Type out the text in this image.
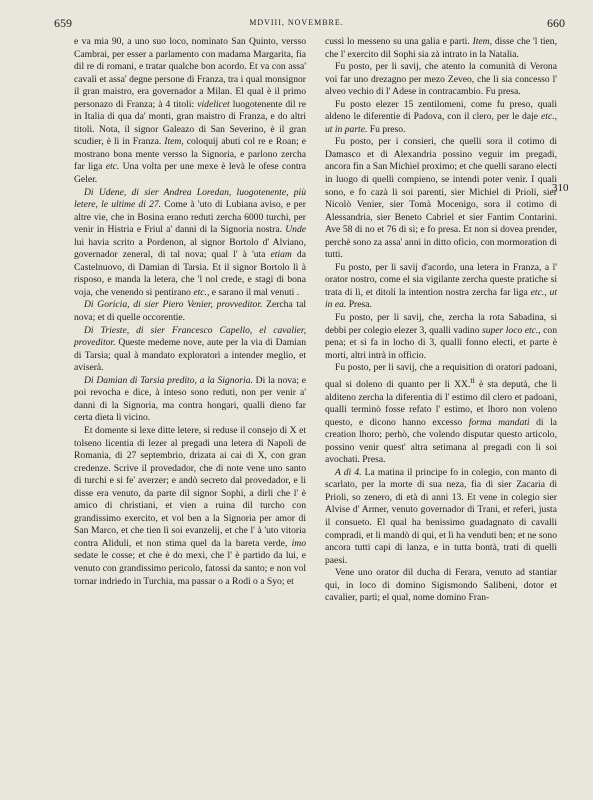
659	MDVIII, NOVEMBRE.	660

e va mia 90, a uno suo loco, nominato San Quinto, versso Cambrai, per esser a parlamento con madama Margarita, fia dil re di romani, e tratar qualche bon acordo. Et va con assa' cavali et assa' degne persone di Franza, tra i qual monsignor il gran maistro, era governador a Milan. El qual è il primo personazo di Franza; à 4 titoli: videlicet luogotenente dil re in Italia di qua da' monti, gran maistro di Franza, e do altri titoli. Nota, il signor Galeazo di San Severino, è il gran scudier, è lì in Franza. Item, coloquij abuti col re e Roan; e mostrano bona mente versso la Signoria, e parlono zercha far liga etc. Una volta per une mexe è levà le ofese contra Geler.

Di Udene, di sier Andrea Loredan, luogotenente, più letere, le ultime di 27. Come à 'uto di Lubiana aviso, e per altre vie, che in Bosina erano reduti zercha 6000 turchi, per venir in Histria e Friul a' danni di la Signoria nostra. Unde lui havia scrito a Pordenon, al signor Bortolo d' Alviano, governador zeneral, di tal nova; qual l' à 'uta etiam da Castelnuovo, di Damian di Tarsia. Et il signor Bortolo lì à risposo, e manda la letera, che 'l nol crede, e stagi di bona voja, che venendo si pentirano etc., e sarano il mal venuti .

Di Goricia, di sier Piero Venier, provveditor. Zercha tal nova; et di quelle occorentie.

Di Trieste, di sier Francesco Capello, el cavalier, proveditor. Queste medeme nove, aute per la via di Damian di Tarsia; qual à mandato exploratori a intender meglio, et aviserà.

Di Damian di Tarsia predito, a la Signoria. Di la nova; e poi revocha e dice, à inteso sono reduti, non per venir a' danni di la Signoria, ma contra hongari, qualli dieno far certa dieta lì vicino.

Et domente si lexe ditte letere, si reduse il consejo di X et tolseno licentia di lezer al pregadi una letera di Napoli de Romania, di 27 septembrio, drizata ai cai di X, con gran credenze. Scrive il provedador, che di note vene uno santo di turchi e si fe' averzer; e andò secreto dal provedador, e li disse era venuto, da parte dil signor Sophi, a dirli che l' è amico di christiani, et vien a ruina dil turcho con grandissimo exercito, et vol ben a la Signoria per amor di San Marco, et che tien lì soi evanzelij, et che l' à 'uto vitoria contra Aliduli, et non stima quel da la bareta verde, imo sedate le cosse; et che è do mexi, che l' è partido da lui, e venuto con grandissimo pericolo, fatossi da santo; e non vol tornar indriedo in Turchia, ma passar o a Rodi o a Syo; et

cussì lo messeno su una galia e parti. Item, disse che 'l tien, che l' exercito dil Sophi sia zà intrato in la Natalia.

Fu posto, per li savij, che atento la comunità di Verona voi far uno drezagno per mezo Zeveo, che li sia concesso l' alveo vechio di l' Adese in contracambio. Fu presa.

Fu posto elezer 15 zentilomeni, come fu preso, quali aldeno le diferentie di Padova, con il clero, per le daje etc., ut in parte. Fu preso.

Fu posto, per i consieri, che quelli sora il cotimo di Damasco et di Alexandria possino veguir im pregadi, ancora fin a San Michiel proximo; et che quelli sarano electi in luogo di quelli compieno, se intendi poter venir. I quali sono, e fo cazà li soi parenti, sier Michiel di Prioli, sier Nicolò Venier, sier Tomà Mocenigo, sora il cotimo di Alessandria, sier Beneto Cabriel et sier Fantim Contarini. Ave 58 di no et 76 di sì; e fo presa. Et non si dovea prender, perchè sono za assa' anni in ditto oficio, con mormoration di tutti.

Fu posto, per li savij d'acordo, una letera in Franza, a l' orator nostro, come el sia vigilante zercha queste pratiche si trata di lì, et ditoli la intention nostra zercha far liga etc., ut in ea. Presa.

Fu posto, per li savij, che, zercha la rota Sabadina, si debbi per colegio elezer 3, qualli vadino super loco etc., con pena; et si fa in locho di 3, qualli fonno electi, et parte è morti, altri intrà in officio.

Fu posto, per li savij, che a requisition di oratori padoani, qual si doleno di quanto per li XX.$^{ti}$ è sta deputà, che li alditeno zercha la diferentia di l' estimo dil clero et padoani, qualli terminò fosse refato l' estimo, et lhoro non voleno questo, e dicono hanno excesso forma mandati di la creation lhoro; perhò, che volendo disputar questo articolo, possino venir quest' altra setimana al pregadi con li soi avochati. Presa.

A dì 4. La matina il principe fo in colegio, con manto di scarlato, per la morte di sua neza, fia di sier Zacaria di Prioli, so zenero, di età di anni 13. Et vene in colegio sier Alvise d' Armer, venuto governador di Trani, et referi, justa il consueto. El qual ha benissimo guadagnato di cavalli compradi, et li mandò di qui, et lì ha venduti ben; et ne sono ancora tutti capi di lanza, e in tutta bontà, trati di quelli paesi.

Vene uno orator dil ducha di Ferara, venuto ad stantiar qui, in loco di domino Sigismondo Salibeni, dotor et cavalier, partì; el qual, nome domino Fran-

310
